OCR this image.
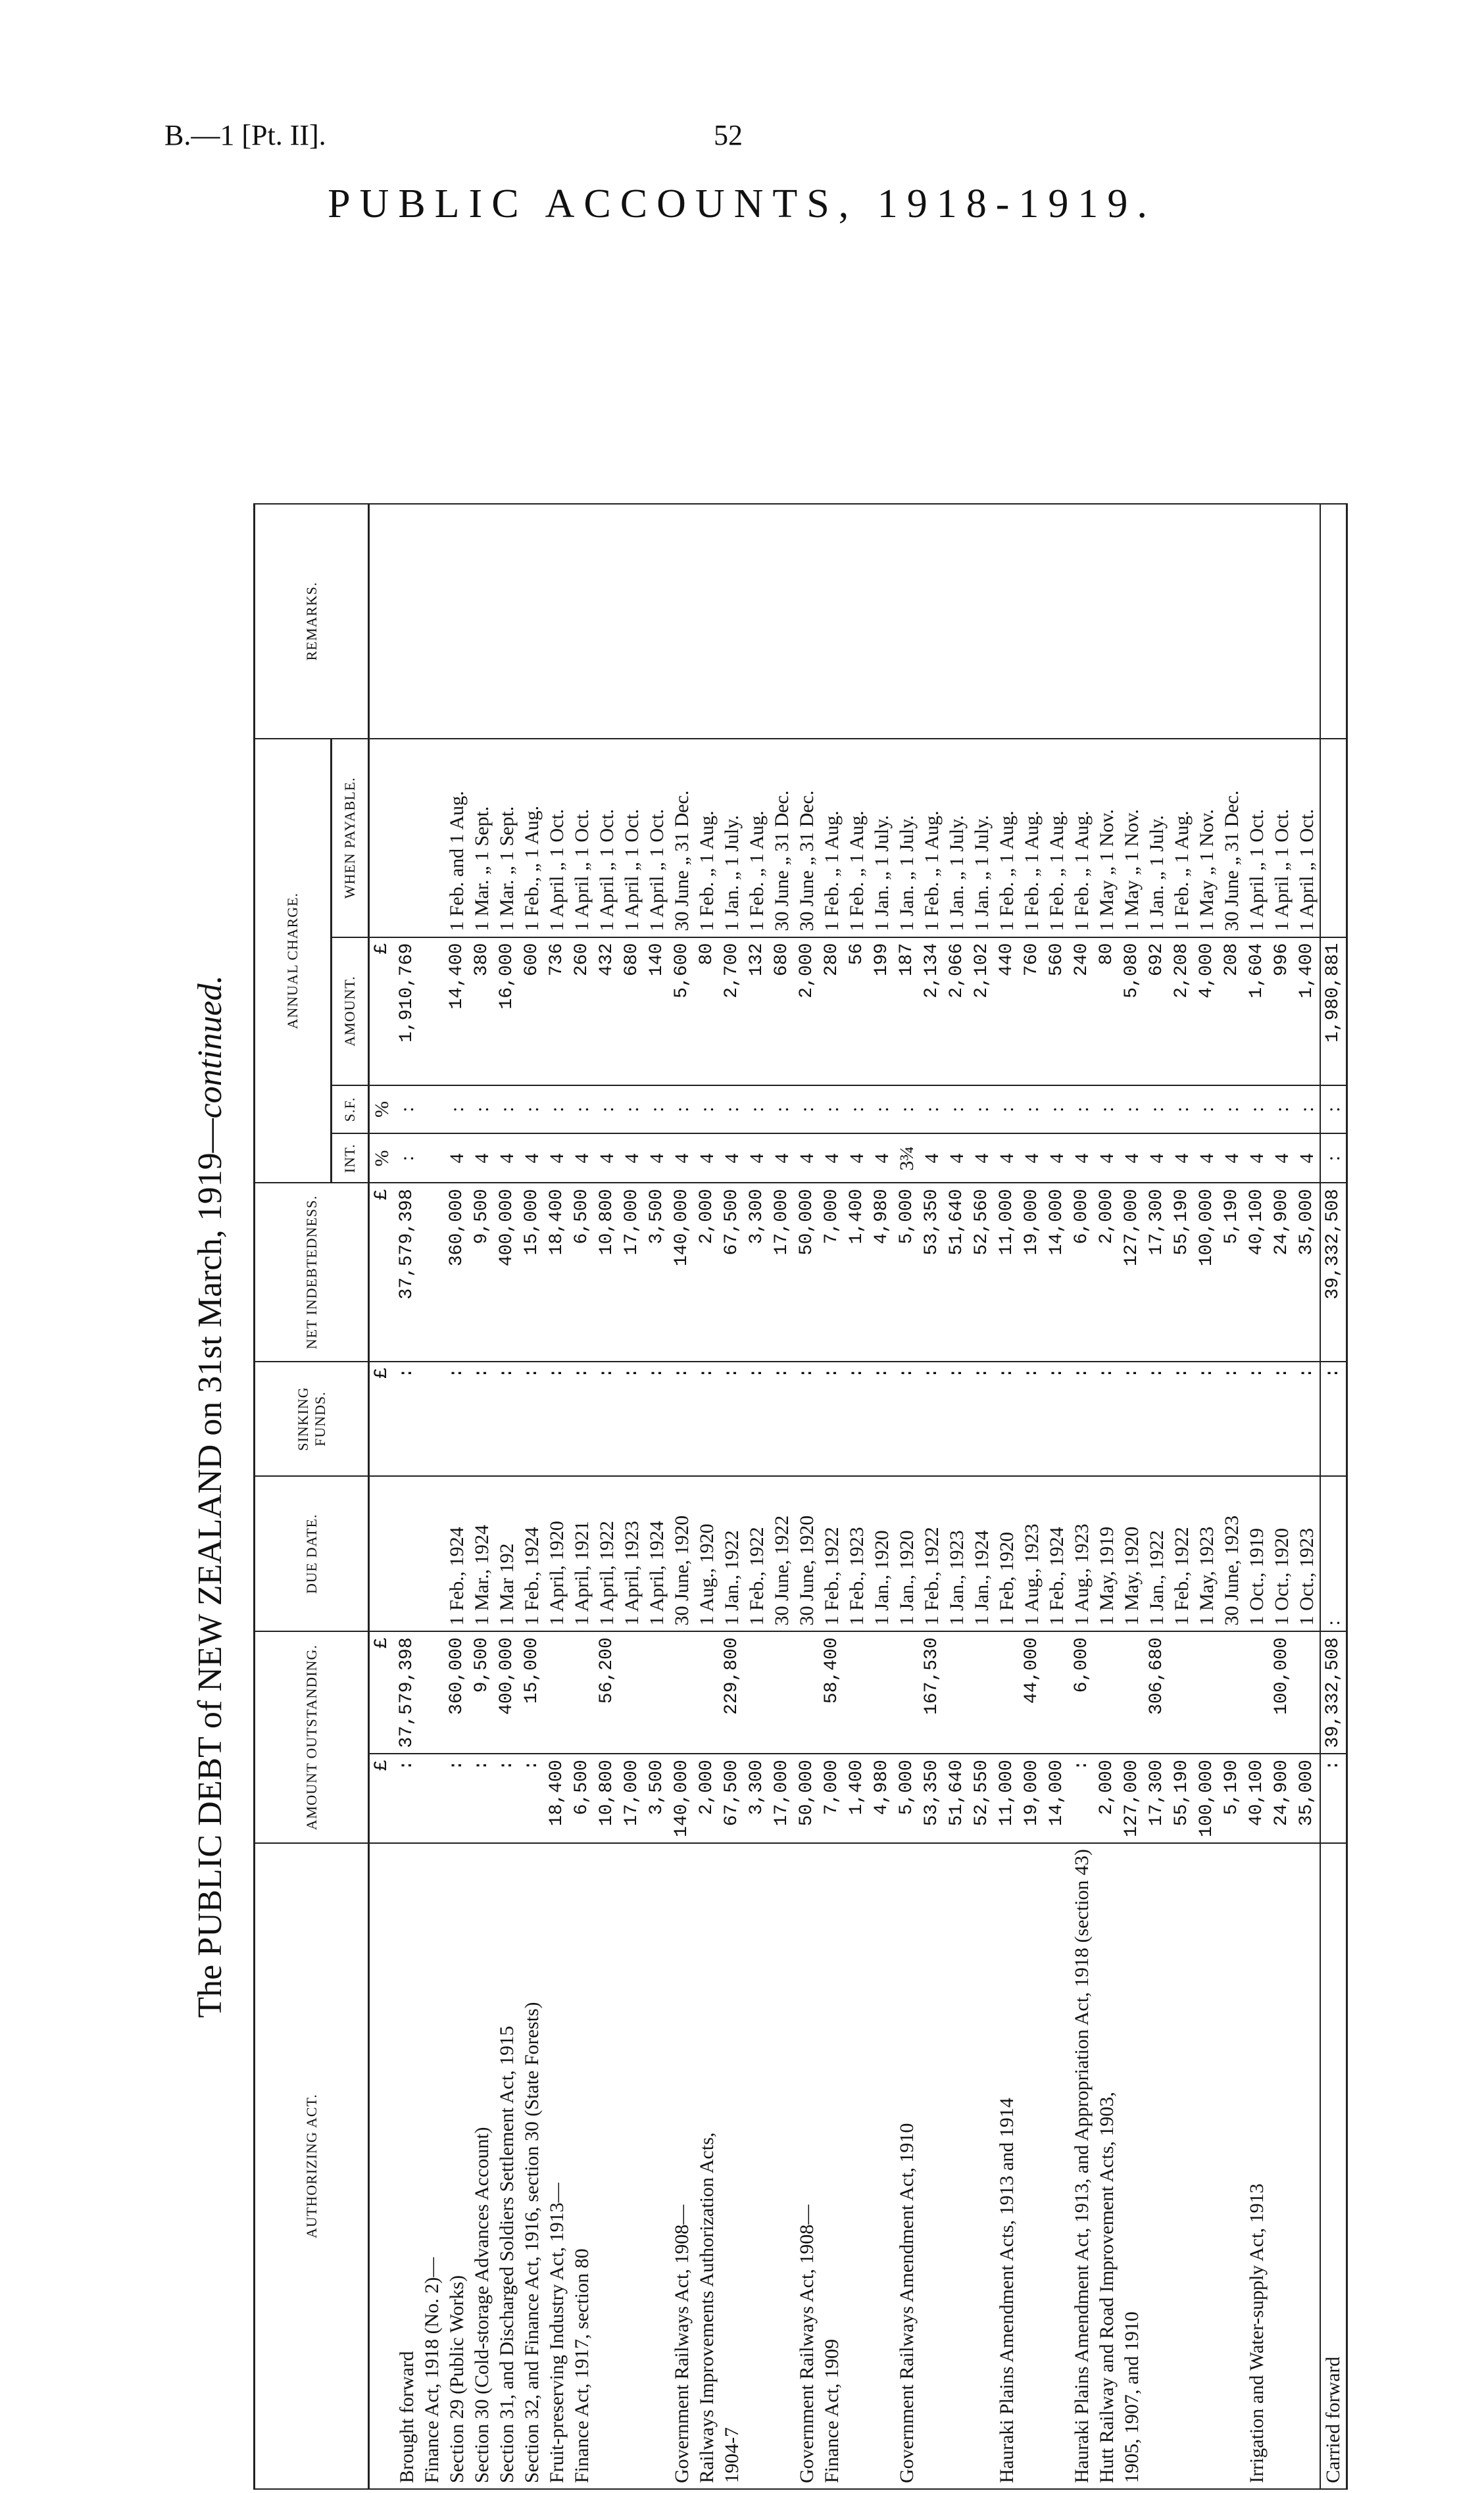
B.—1 [Pt. II].	52
PUBLIC ACCOUNTS, 1918-1919.
The PUBLIC DEBT of NEW ZEALAND on 31st March, 1919—continued.
AUTHORIZING ACT.	AMOUNT OUTSTANDING.		DUE DATE.	SINKING FUNDS.	NET INDEBTEDNESS.	ANNUAL CHARGE.				REMARKS.
						INT.	S.F.	AMOUNT.	WHEN PAYABLE.	
	£	£		£	£	%	%	£		
Brought forward	:	37,579,398		:	37,579,398	:	:	1,910,769		
Finance Act, 1918 (No. 2)—										
Section 29 (Public Works)	:	360,000	1 Feb., 1924	:	360,000	4	:	14,400	1 Feb. and 1 Aug.	
Section 30 (Cold-storage Advances Account)	:	9,500	1 Mar., 1924	:	9,500	4	:	380	1 Mar. „ 1 Sept.	
Section 31, and Discharged Soldiers Settlement Act, 1915	:	400,000	1 Mar 192	:	400,000	4	:	16,000	1 Mar. „ 1 Sept.	
Section 32, and Finance Act, 1916, section 30 (State Forests)	:	15,000	1 Feb., 1924	:	15,000	4	:	600	1 Feb., „ 1 Aug.	
Fruit-preserving Industry Act, 1913—	18,400		1 April, 1920	:	18,400	4	:	736	1 April „ 1 Oct.	
Finance Act, 1917, section 80	6,500		1 April, 1921	:	6,500	4	:	260	1 April „ 1 Oct.	
	10,800	56,200	1 April, 1922	:	10,800	4	:	432	1 April „ 1 Oct.	
	17,000		1 April, 1923	:	17,000	4	:	680	1 April „ 1 Oct.	
	3,500		1 April, 1924	:	3,500	4	:	140	1 April „ 1 Oct.	
Government Railways Act, 1908—	140,000		30 June, 1920	:	140,000	4	:	5,600	30 June „ 31 Dec.	
Railways Improvements Authorization Acts,	2,000		1 Aug., 1920	:	2,000	4	:	80	1 Feb. „ 1 Aug.	
1904-7	67,500	229,800	1 Jan., 1922	:	67,500	4	:	2,700	1 Jan. „ 1 July.	
	3,300		1 Feb., 1922	:	3,300	4	:	132	1 Feb. „ 1 Aug.	
	17,000		30 June, 1922	:	17,000	4	:	680	30 June „ 31 Dec.	
Government Railways Act, 1908—	50,000		30 June, 1920	:	50,000	4	:	2,000	30 June „ 31 Dec.	
Finance Act, 1909	7,000	58,400	1 Feb., 1922	:	7,000	4	:	280	1 Feb. „ 1 Aug.	
	1,400		1 Feb., 1923	:	1,400	4	:	56	1 Feb. „ 1 Aug.	
	4,980		1 Jan., 1920	:	4,980	4	:	199	1 Jan. „ 1 July.	
Government Railways Amendment Act, 1910	5,000		1 Jan., 1920	:	5,000	3¾	:	187	1 Jan. „ 1 July.	
	53,350	167,530	1 Feb., 1922	:	53,350	4	:	2,134	1 Feb. „ 1 Aug.	
	51,640		1 Jan., 1923	:	51,640	4	:	2,066	1 Jan. „ 1 July.	
	52,550		1 Jan., 1924	:	52,560	4	:	2,102	1 Jan. „ 1 July.	
Hauraki Plains Amendment Acts, 1913 and 1914	11,000		1 Feb, 1920	:	11,000	4	:	440	1 Feb. „ 1 Aug.	
	19,000	44,000	1 Aug., 1923	:	19,000	4	:	760	1 Feb. „ 1 Aug.	
	14,000		1 Feb., 1924	:	14,000	4	:	560	1 Feb. „ 1 Aug.	
Hauraki Plains Amendment Act, 1913, and Appropriation Act, 1918 (section 43)	:	6,000	1 Aug., 1923	:	6,000	4	:	240	1 Feb. „ 1 Aug.	
Hutt Railway and Road Improvement Acts, 1903,	2,000		1 May, 1919	:	2,000	4	:	80	1 May „ 1 Nov.	
1905, 1907, and 1910	127,000		1 May, 1920	:	127,000	4	:	5,080	1 May „ 1 Nov.	
	17,300	306,680	1 Jan., 1922	:	17,300	4	:	692	1 Jan. „ 1 July.	
	55,190		1 Feb., 1922	:	55,190	4	:	2,208	1 Feb. „ 1 Aug.	
	100,000		1 May, 1923	:	100,000	4	:	4,000	1 May „ 1 Nov.	
	5,190		30 June, 1923	:	5,190	4	:	208	30 June „ 31 Dec.	
Irrigation and Water-supply Act, 1913	40,100		1 Oct., 1919	:	40,100	4	:	1,604	1 April „ 1 Oct.	
	24,900	100,000	1 Oct., 1920	:	24,900	4	:	996	1 April „ 1 Oct.	
	35,000		1 Oct., 1923	:	35,000	4	:	1,400	1 April „ 1 Oct.	
Carried forward	:	39,332,508	:	:	39,332,508	:	:	1,980,881		
